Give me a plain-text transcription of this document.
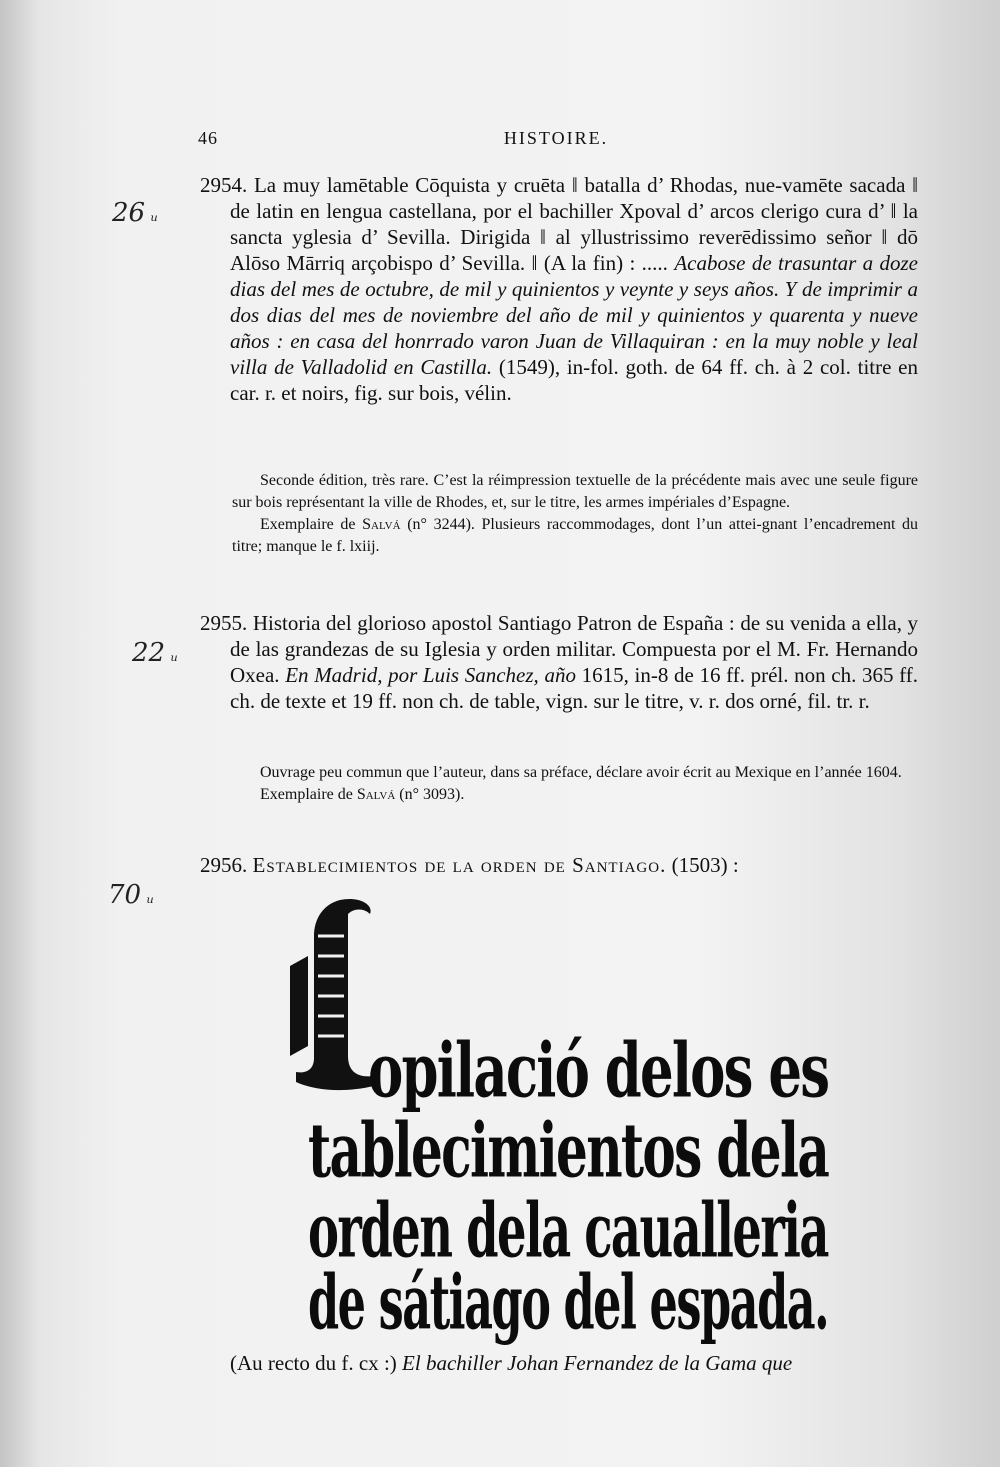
46	HISTOIRE.
26 ᵤ
22 ᵤ
70 ᵤ
2954. La muy lamētable Cōquista y cruēta ‖ batalla d’ Rhodas, nue-vamēte sacada ‖ de latin en lengua castellana, por el bachiller Xpoval d’ arcos clerigo cura d’ ‖ la sancta yglesia d’ Sevilla. Dirigida ‖ al yllustrissimo reverēdissimo señor ‖ dō Alōso Mārriq arçobispo d’ Sevilla. ‖ (A la fin) : ..... Acabose de trasuntar a doze dias del mes de octubre, de mil y quinientos y veynte y seys años. Y de imprimir a dos dias del mes de noviembre del año de mil y quinientos y quarenta y nueve años : en casa del honrrado varon Juan de Villaquiran : en la muy noble y leal villa de Valladolid en Castilla. (1549), in-fol. goth. de 64 ff. ch. à 2 col. titre en car. r. et noirs, fig. sur bois, vélin.
Seconde édition, très rare. C’est la réimpression textuelle de la précédente mais avec une seule figure sur bois représentant la ville de Rhodes, et, sur le titre, les armes impériales d’Espagne.
Exemplaire de Salvá (n° 3244). Plusieurs raccommodages, dont l’un attei-gnant l’encadrement du titre; manque le f. lxiij.
2955. Historia del glorioso apostol Santiago Patron de España : de su venida a ella, y de las grandezas de su Iglesia y orden militar. Compuesta por el M. Fr. Hernando Oxea. En Madrid, por Luis Sanchez, año 1615, in-8 de 16 ff. prél. non ch. 365 ff. ch. de texte et 19 ff. non ch. de table, vign. sur le titre, v. r. dos orné, fil. tr. r.
Ouvrage peu commun que l’auteur, dans sa préface, déclare avoir écrit au Mexique en l’année 1604.
Exemplaire de Salvá (n° 3093).
2956. Establecimientos de la orden de Santiago. (1503) :
opilació delos es
tablecimientos dela
orden dela caualleria
de sátiago del espada.
(Au recto du f. cx :) El bachiller Johan Fernandez de la Gama que
